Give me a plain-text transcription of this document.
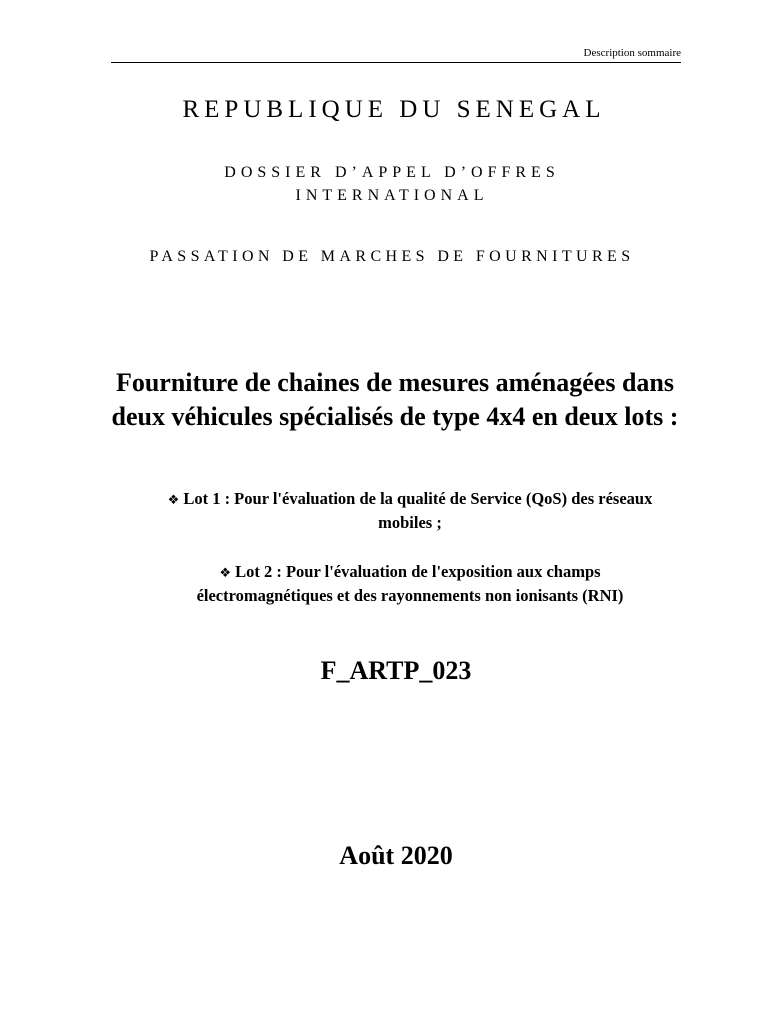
Description sommaire
REPUBLIQUE DU SENEGAL
DOSSIER D’APPEL D’OFFRES
INTERNATIONAL
PASSATION DE MARCHES DE FOURNITURES
Fourniture de chaines de mesures aménagées dans deux véhicules spécialisés de type 4x4 en deux lots :
❖ Lot 1 : Pour l'évaluation de la qualité de Service (QoS) des réseaux mobiles ;
❖ Lot 2 : Pour l'évaluation de l'exposition aux champs électromagnétiques et des rayonnements non ionisants (RNI)
F_ARTP_023
Août 2020
